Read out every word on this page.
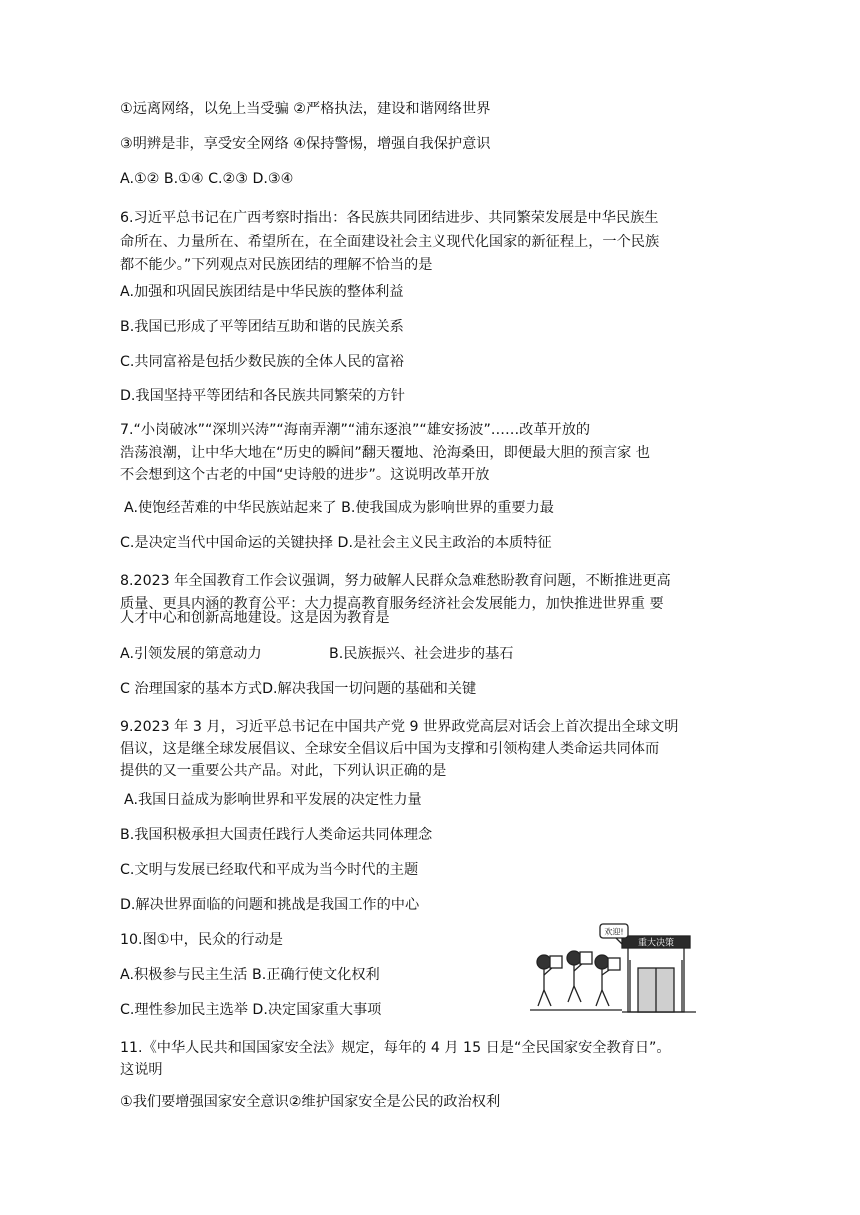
①远离网络，以免上当受骗 ②严格执法，建设和谐网络世界
③明辨是非，享受安全网络 ④保持警惕，增强自我保护意识
A.①② B.①④ C.②③ D.③④
6.习近平总书记在广西考察时指出：各民族共同团结进步、共同繁荣发展是中华民族生
命所在、力量所在、希望所在，在全面建设社会主义现代化国家的新征程上，一个民族
都不能少。”下列观点对民族团结的理解不恰当的是
A.加强和巩固民族团结是中华民族的整体利益
B.我国已形成了平等团结互助和谐的民族关系
C.共同富裕是包括少数民族的全体人民的富裕
D.我国坚持平等团结和各民族共同繁荣的方针
7.“小岗破冰”“深圳兴涛”“海南弄潮”“浦东逐浪”“雄安扬波”……改革开放的
浩荡浪潮，让中华大地在“历史的瞬间”翻天覆地、沧海桑田，即便最大胆的预言家 也
不会想到这个古老的中国“史诗般的进步”。这说明改革开放
A.使饱经苦难的中华民族站起来了 B.使我国成为影响世界的重要力最
C.是决定当代中国命运的关键抉择 D.是社会主义民主政治的本质特征
8.2023 年全国教育工作会议强调，努力破解人民群众急难愁盼教育问题，不断推进更高
质量、更具内涵的教育公平：大力提高教育服务经济社会发展能力，加快推进世界重 要
人才中心和创新高地建设。这是因为教育是
A.引领发展的第意动力	B.民族振兴、社会进步的基石
C 治理国家的基本方式D.解决我国一切问题的基础和关键
9.2023 年 3 月，习近平总书记在中国共产党 9 世界政党高层对话会上首次提出全球文明
倡议，这是继全球发展倡议、全球安全倡议后中国为支撑和引领构建人类命运共同体而
提供的又一重要公共产品。对此，下列认识正确的是
A.我国日益成为影响世界和平发展的决定性力量
B.我国积极承担大国责任践行人类命运共同体理念
C.文明与发展已经取代和平成为当今时代的主题
D.解决世界面临的问题和挑战是我国工作的中心
10.图①中，民众的行动是
A.积极参与民主生活 B.正确行使文化权利
C.理性参加民主选举 D.决定国家重大事项
重大决策
欢迎!
11.《中华人民共和国国家安全法》规定，每年的 4 月 15 日是“全民国家安全教育日”。
这说明
①我们要增强国家安全意识②维护国家安全是公民的政治权利
